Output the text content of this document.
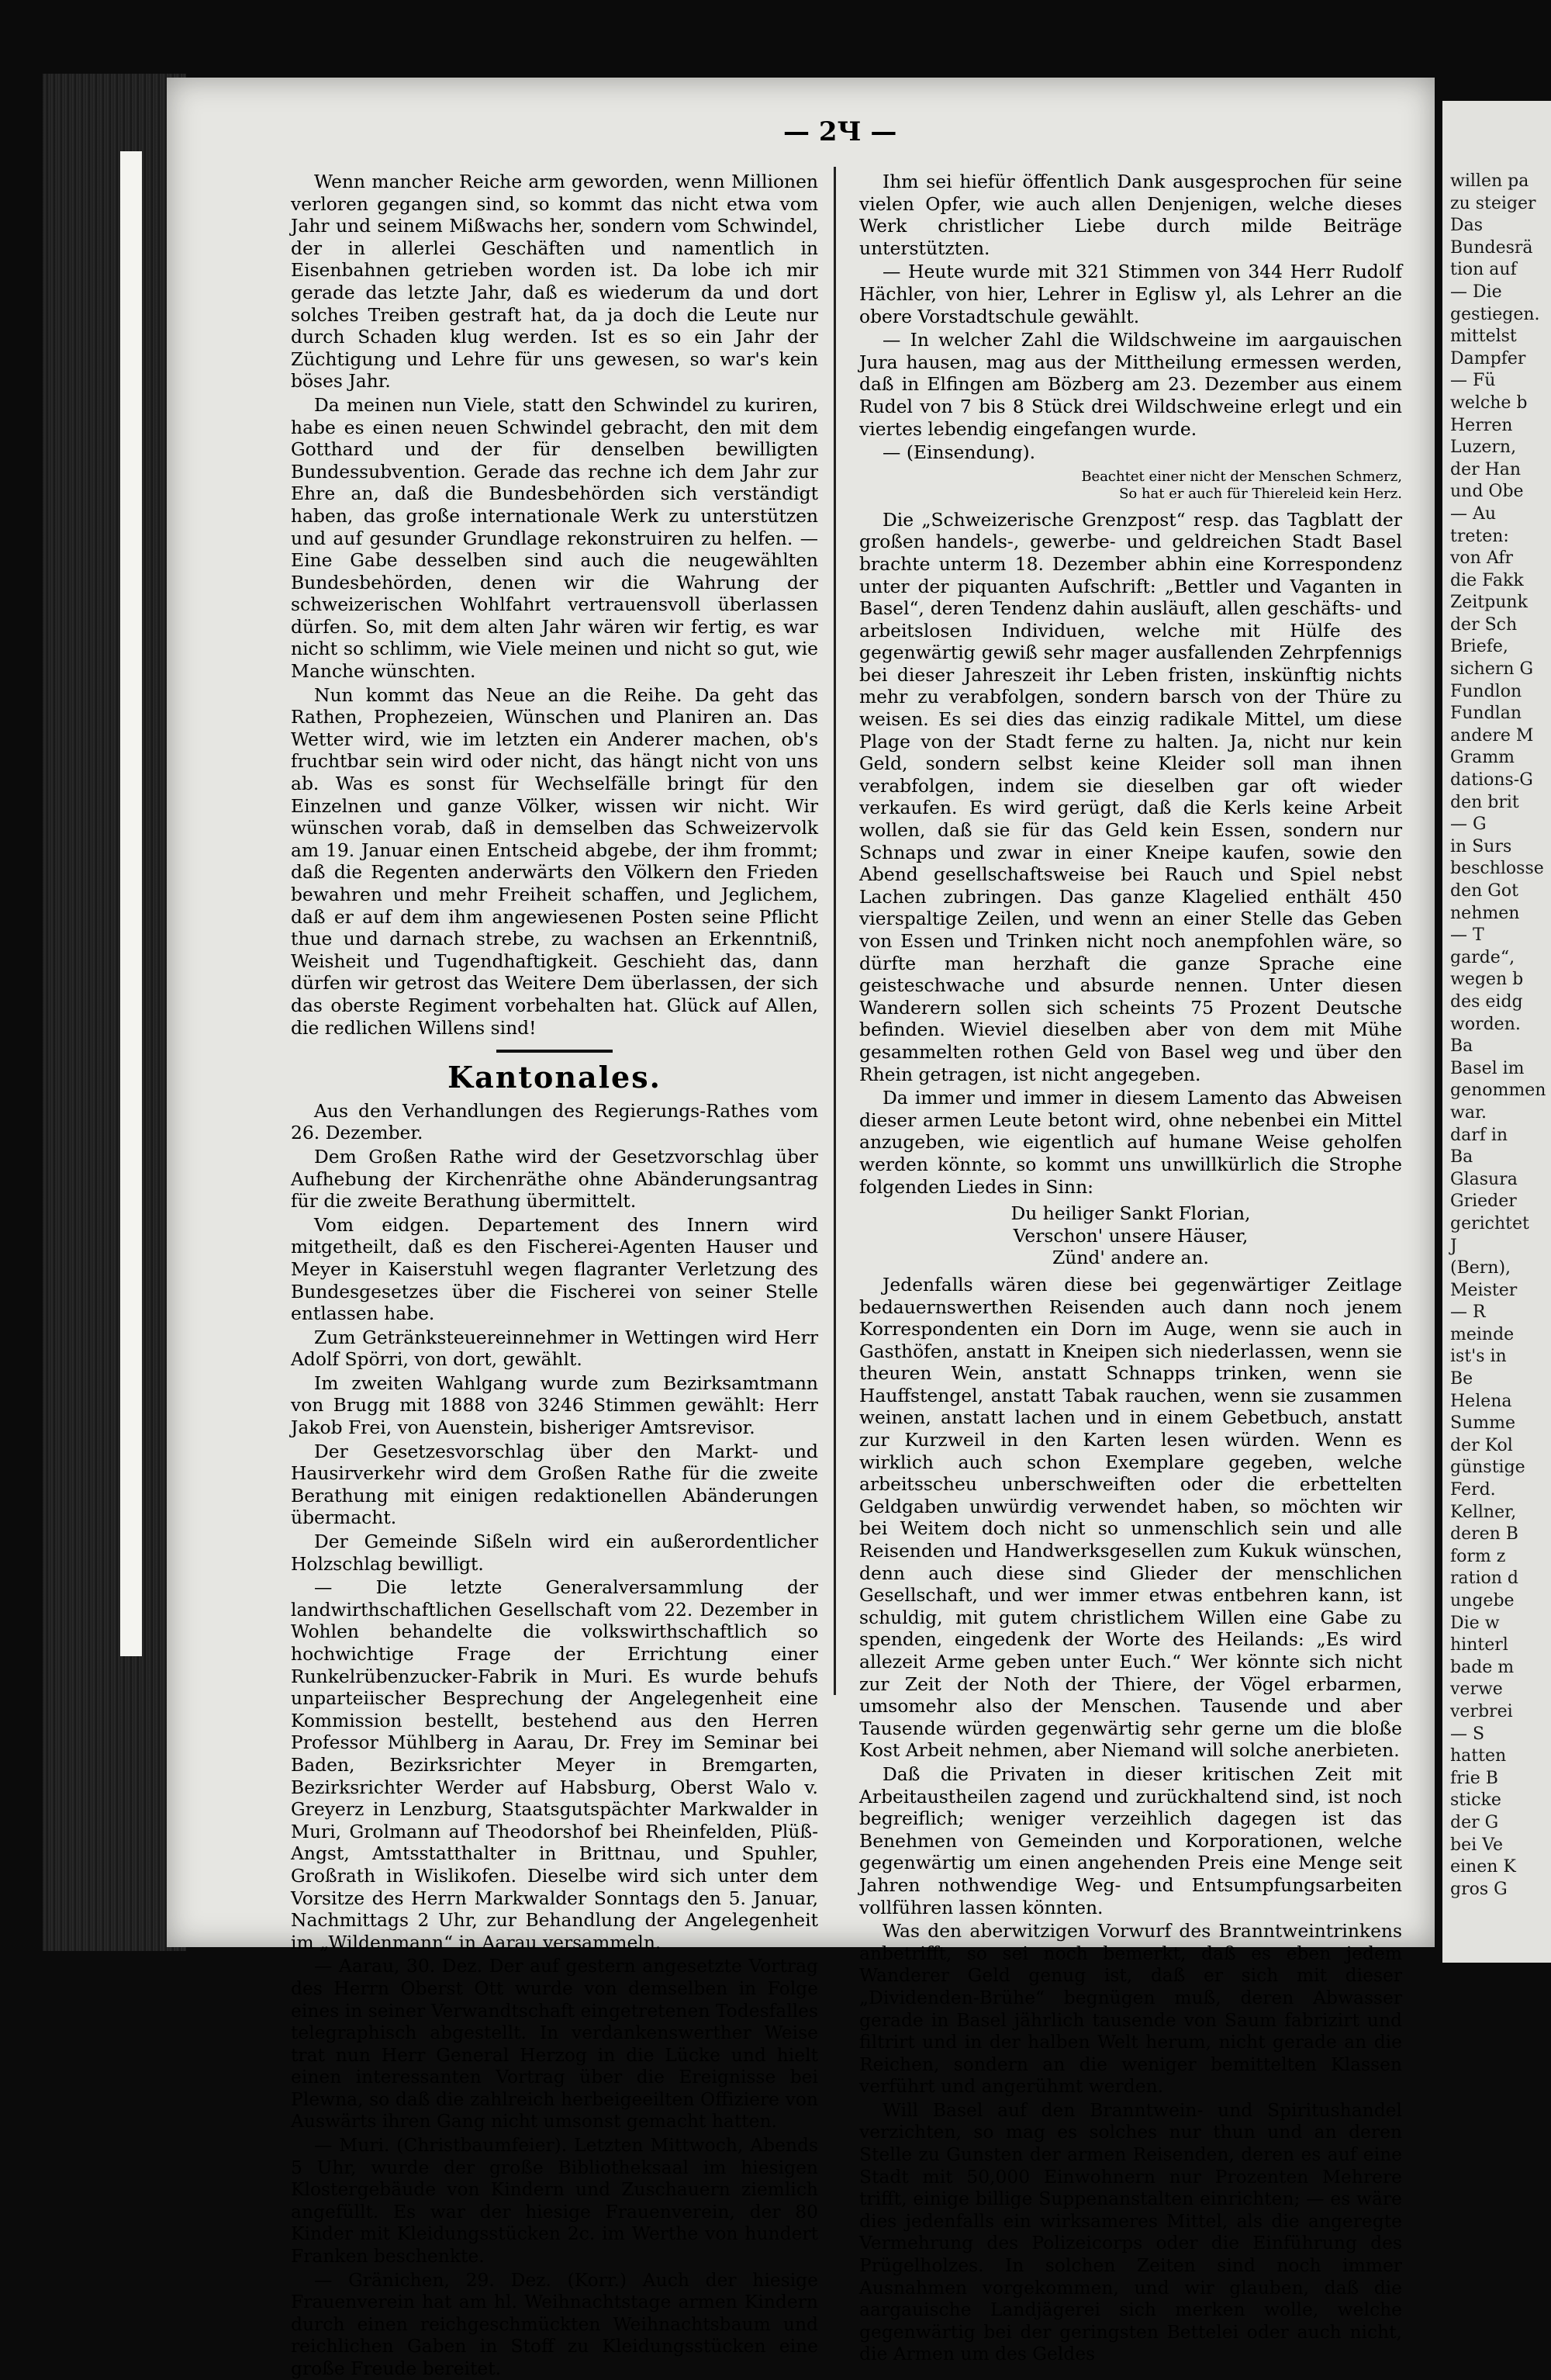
— 2Ч —

Wenn mancher Reiche arm geworden, wenn Millionen verloren gegangen sind, so kommt das nicht etwa vom Jahr und seinem Mißwachs her, sondern vom Schwindel, der in allerlei Geschäften und namentlich in Eisenbahnen getrieben worden ist. Da lobe ich mir gerade das letzte Jahr, daß es wiederum da und dort solches Treiben gestraft hat, da ja doch die Leute nur durch Schaden klug werden. Ist es so ein Jahr der Züchtigung und Lehre für uns gewesen, so war's kein böses Jahr.

Da meinen nun Viele, statt den Schwindel zu kuriren, habe es einen neuen Schwindel gebracht, den mit dem Gotthard und der für denselben bewilligten Bundessubvention. Gerade das rechne ich dem Jahr zur Ehre an, daß die Bundesbehörden sich verständigt haben, das große internationale Werk zu unterstützen und auf gesunder Grundlage rekonstruiren zu helfen. — Eine Gabe desselben sind auch die neugewählten Bundesbehörden, denen wir die Wahrung der schweizerischen Wohlfahrt vertrauensvoll überlassen dürfen. So, mit dem alten Jahr wären wir fertig, es war nicht so schlimm, wie Viele meinen und nicht so gut, wie Manche wünschten.

Nun kommt das Neue an die Reihe. Da geht das Rathen, Prophezeien, Wünschen und Planiren an. Das Wetter wird, wie im letzten ein Anderer machen, ob's fruchtbar sein wird oder nicht, das hängt nicht von uns ab. Was es sonst für Wechselfälle bringt für den Einzelnen und ganze Völker, wissen wir nicht. Wir wünschen vorab, daß in demselben das Schweizervolk am 19. Januar einen Entscheid abgebe, der ihm frommt; daß die Regenten anderwärts den Völkern den Frieden bewahren und mehr Freiheit schaffen, und Jeglichem, daß er auf dem ihm angewiesenen Posten seine Pflicht thue und darnach strebe, zu wachsen an Erkenntniß, Weisheit und Tugendhaftigkeit. Geschieht das, dann dürfen wir getrost das Weitere Dem überlassen, der sich das oberste Regiment vorbehalten hat. Glück auf Allen, die redlichen Willens sind!

Kantonales.

Aus den Verhandlungen des Regierungs-Rathes vom 26. Dezember.

Dem Großen Rathe wird der Gesetzvorschlag über Aufhebung der Kirchenräthe ohne Abänderungsantrag für die zweite Berathung übermittelt.

Vom eidgen. Departement des Innern wird mitgetheilt, daß es den Fischerei-Agenten Hauser und Meyer in Kaiserstuhl wegen flagranter Verletzung des Bundesgesetzes über die Fischerei von seiner Stelle entlassen habe.

Zum Getränksteuereinnehmer in Wettingen wird Herr Adolf Spörri, von dort, gewählt.

Im zweiten Wahlgang wurde zum Bezirksamtmann von Brugg mit 1888 von 3246 Stimmen gewählt: Herr Jakob Frei, von Auenstein, bisheriger Amtsrevisor.

Der Gesetzesvorschlag über den Markt- und Hausirverkehr wird dem Großen Rathe für die zweite Berathung mit einigen redaktionellen Abänderungen übermacht.

Der Gemeinde Sißeln wird ein außerordentlicher Holzschlag bewilligt.

— Die letzte Generalversammlung der landwirthschaftlichen Gesellschaft vom 22. Dezember in Wohlen behandelte die volkswirthschaftlich so hochwichtige Frage der Errichtung einer Runkelrübenzucker-Fabrik in Muri. Es wurde behufs unparteiischer Besprechung der Angelegenheit eine Kommission bestellt, bestehend aus den Herren Professor Mühlberg in Aarau, Dr. Frey im Seminar bei Baden, Bezirksrichter Meyer in Bremgarten, Bezirksrichter Werder auf Habsburg, Oberst Walo v. Greyerz in Lenzburg, Staatsgutspächter Markwalder in Muri, Grolmann auf Theodorshof bei Rheinfelden, Plüß-Angst, Amtsstatthalter in Brittnau, und Spuhler, Großrath in Wislikofen. Dieselbe wird sich unter dem Vorsitze des Herrn Markwalder Sonntags den 5. Januar, Nachmittags 2 Uhr, zur Behandlung der Angelegenheit im „Wildenmann“ in Aarau versammeln.

— Aarau, 30. Dez. Der auf gestern angesetzte Vortrag des Herrn Oberst Ott wurde von demselben in Folge eines in seiner Verwandtschaft eingetretenen Todesfalles telegraphisch abgestellt. In verdankenswerther Weise trat nun Herr General Herzog in die Lücke und hielt einen interessanten Vortrag über die Ereignisse bei Plewna, so daß die zahlreich herbeigeeilten Offiziere von Auswärts ihren Gang nicht umsonst gemacht hatten.

— Muri. (Christbaumfeier). Letzten Mittwoch, Abends 5 Uhr, wurde der große Bibliotheksaal im hiesigen Klostergebäude von Kindern und Zuschauern ziemlich angefüllt. Es war der hiesige Frauenverein, der 80 Kinder mit Kleidungsstücken 2c. im Werthe von hundert Franken beschenkte.

— Gränichen, 29. Dez. (Korr.) Auch der hiesige Frauenverein hat am hl. Weihnachtstage armen Kindern durch einen reichgeschmückten Weihnachtsbaum und reichlichen Gaben in Stoff zu Kleidungsstücken eine große Freude bereitet.

Ihm sei hiefür öffentlich Dank ausgesprochen für seine vielen Opfer, wie auch allen Denjenigen, welche dieses Werk christlicher Liebe durch milde Beiträge unterstützten.

— Heute wurde mit 321 Stimmen von 344 Herr Rudolf Hächler, von hier, Lehrer in Eglisw yl, als Lehrer an die obere Vorstadtschule gewählt.

— In welcher Zahl die Wildschweine im aargauischen Jura hausen, mag aus der Mittheilung ermessen werden, daß in Elfingen am Bözberg am 23. Dezember aus einem Rudel von 7 bis 8 Stück drei Wildschweine erlegt und ein viertes lebendig eingefangen wurde.

— (Einsendung).

Beachtet einer nicht der Menschen Schmerz,
So hat er auch für Thiereleid kein Herz.

Die „Schweizerische Grenzpost“ resp. das Tagblatt der großen handels-, gewerbe- und geldreichen Stadt Basel brachte unterm 18. Dezember abhin eine Korrespondenz unter der piquanten Aufschrift: „Bettler und Vaganten in Basel“, deren Tendenz dahin ausläuft, allen geschäfts- und arbeitslosen Individuen, welche mit Hülfe des gegenwärtig gewiß sehr mager ausfallenden Zehrpfennigs bei dieser Jahreszeit ihr Leben fristen, inskünftig nichts mehr zu verabfolgen, sondern barsch von der Thüre zu weisen. Es sei dies das einzig radikale Mittel, um diese Plage von der Stadt ferne zu halten. Ja, nicht nur kein Geld, sondern selbst keine Kleider soll man ihnen verabfolgen, indem sie dieselben gar oft wieder verkaufen. Es wird gerügt, daß die Kerls keine Arbeit wollen, daß sie für das Geld kein Essen, sondern nur Schnaps und zwar in einer Kneipe kaufen, sowie den Abend gesellschaftsweise bei Rauch und Spiel nebst Lachen zubringen. Das ganze Klagelied enthält 450 vierspaltige Zeilen, und wenn an einer Stelle das Geben von Essen und Trinken nicht noch anempfohlen wäre, so dürfte man herzhaft die ganze Sprache eine geisteschwache und absurde nennen. Unter diesen Wanderern sollen sich scheints 75 Prozent Deutsche befinden. Wieviel dieselben aber von dem mit Mühe gesammelten rothen Geld von Basel weg und über den Rhein getragen, ist nicht angegeben.

Da immer und immer in diesem Lamento das Abweisen dieser armen Leute betont wird, ohne nebenbei ein Mittel anzugeben, wie eigentlich auf humane Weise geholfen werden könnte, so kommt uns unwillkürlich die Strophe folgenden Liedes in Sinn:

Du heiliger Sankt Florian,
Verschon' unsere Häuser,
Zünd' andere an.

Jedenfalls wären diese bei gegenwärtiger Zeitlage bedauernswerthen Reisenden auch dann noch jenem Korrespondenten ein Dorn im Auge, wenn sie auch in Gasthöfen, anstatt in Kneipen sich niederlassen, wenn sie theuren Wein, anstatt Schnapps trinken, wenn sie Hauffstengel, anstatt Tabak rauchen, wenn sie zusammen weinen, anstatt lachen und in einem Gebetbuch, anstatt zur Kurzweil in den Karten lesen würden. Wenn es wirklich auch schon Exemplare gegeben, welche arbeitsscheu unberschweiften oder die erbettelten Geldgaben unwürdig verwendet haben, so möchten wir bei Weitem doch nicht so unmenschlich sein und alle Reisenden und Handwerksgesellen zum Kukuk wünschen, denn auch diese sind Glieder der menschlichen Gesellschaft, und wer immer etwas entbehren kann, ist schuldig, mit gutem christlichem Willen eine Gabe zu spenden, eingedenk der Worte des Heilands: „Es wird allezeit Arme geben unter Euch.“ Wer könnte sich nicht zur Zeit der Noth der Thiere, der Vögel erbarmen, umsomehr also der Menschen. Tausende und aber Tausende würden gegenwärtig sehr gerne um die bloße Kost Arbeit nehmen, aber Niemand will solche anerbieten.

Daß die Privaten in dieser kritischen Zeit mit Arbeitaustheilen zagend und zurückhaltend sind, ist noch begreiflich; weniger verzeihlich dagegen ist das Benehmen von Gemeinden und Korporationen, welche gegenwärtig um einen angehenden Preis eine Menge seit Jahren nothwendige Weg- und Entsumpfungsarbeiten vollführen lassen könnten.

Was den aberwitzigen Vorwurf des Branntweintrinkens anbetrifft, so sei noch bemerkt, daß es eben jedem Wanderer Geld genug ist, daß er sich mit dieser „Dividenden-Brühe“ begnügen muß, deren Abwasser gerade in Basel jährlich tausende von Saum fabrizirt und filtrirt und in der halben Welt herum, nicht gerade an die Reichen, sondern an die weniger bemittelten Klassen verführt und angerühmt werden.

Will Basel auf den Branntwein- und Spiritushandel verzichten, so mag es solches nur thun und an deren Stelle zu Gunsten der armen Reisenden, deren es auf eine Stadt mit 50,000 Einwohnern nur Prozenten Mehrere trifft, einige billige Suppenanstalten einrichten; — es wäre dies jedenfalls ein wirksameres Mittel, als die angeregte Vermehrung des Polizeicorps oder die Einführung des Prügelholzes. In solchen Zeiten sind noch immer Ausnahmen vorgekommen, und wir glauben, daß die aargauische Landjägerei sich merken wolle, welche gegenwärtig bei der geringsten Bettelei oder auch nicht, die Armen um des Geldes

willen pa
zu steiger
Das
Bundesrä
tion auf
— Die
gestiegen.
mittelst
Dampfer
— Fü
welche b
Herren
Luzern,
der Han
und Obe
— Au
treten:
von Afr
die Fakk
Zeitpunk
der Sch
Briefe,
sichern G
Fundlon
Fundlan
andere M
Gramm
dations-G
den brit
— G
in Surs
beschlosse
den Got
nehmen
— T
garde“,
wegen b
des eidg
worden.
Ba
Basel im
genommen
war.
darf in
Ba
Glasura
Grieder
gerichtet
J
(Bern),
Meister
— R
meinde
ist's in
Be
Helena
Summe
der Kol
günstige
Ferd.
Kellner,
deren B
form z
ration d
ungebe
Die w
hinterl
bade m
verwe
verbrei
— S
hatten
frie B
sticke
der G
bei Ve
einen K
gros G
